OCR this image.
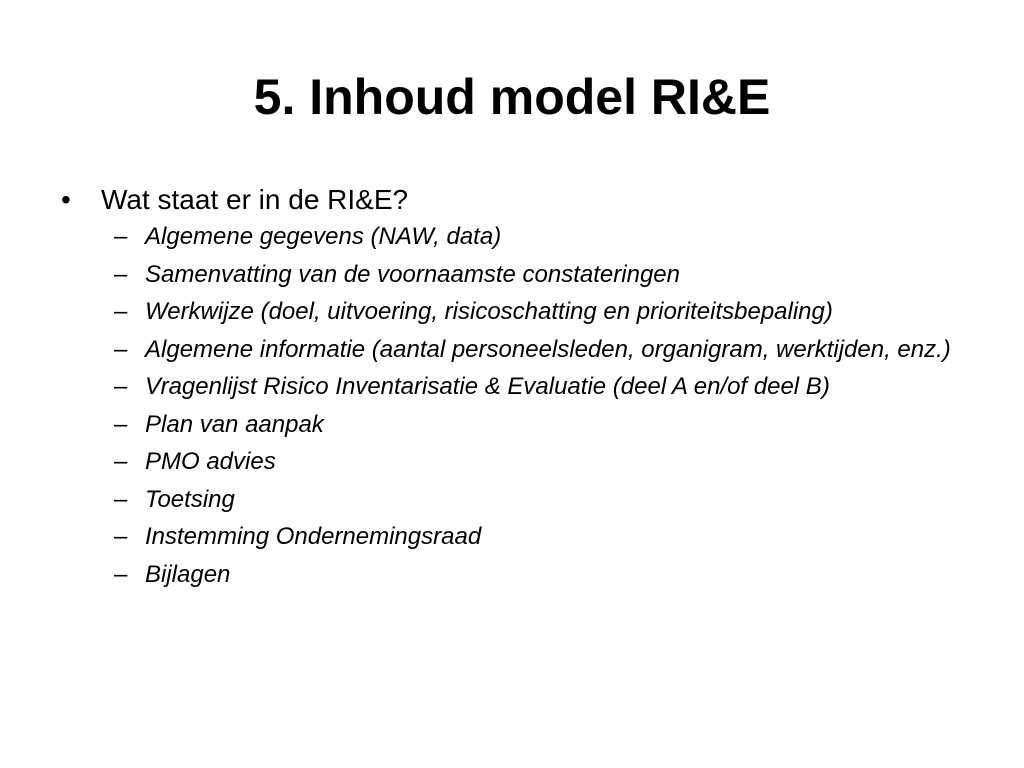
5. Inhoud model RI&E
• Wat staat er in de RI&E?
– Algemene gegevens (NAW, data)
– Samenvatting van de voornaamste constateringen
– Werkwijze (doel, uitvoering, risicoschatting en prioriteitsbepaling)
– Algemene informatie (aantal personeelsleden, organigram, werktijden, enz.)
– Vragenlijst Risico Inventarisatie & Evaluatie (deel A en/of deel B)
– Plan van aanpak
– PMO advies
– Toetsing
– Instemming Ondernemingsraad
– Bijlagen
